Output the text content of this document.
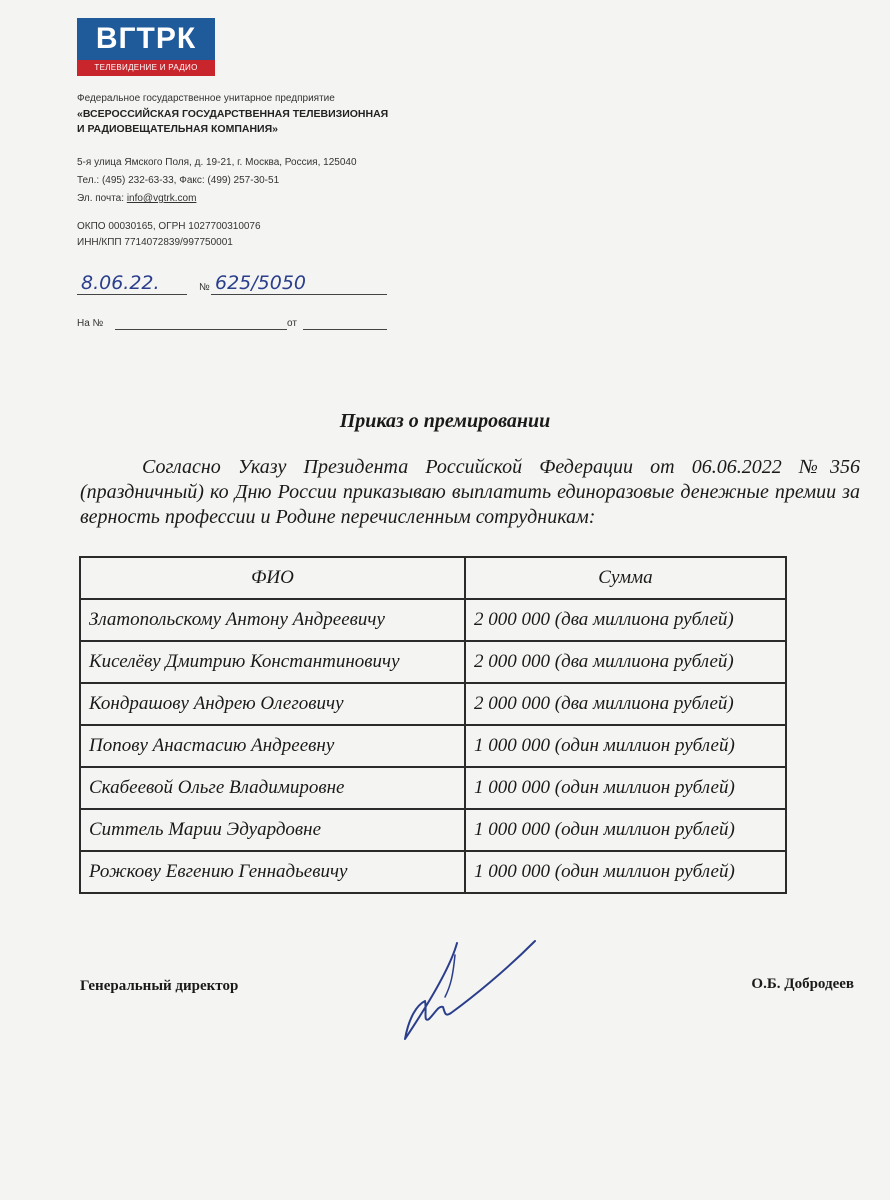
ВГТРК
ТЕЛЕВИДЕНИЕ И РАДИО
Федеральное государственное унитарное предприятие
«ВСЕРОССИЙСКАЯ ГОСУДАРСТВЕННАЯ ТЕЛЕВИЗИОННАЯ
И РАДИОВЕЩАТЕЛЬНАЯ КОМПАНИЯ»
5-я улица Ямского Поля, д. 19-21, г. Москва, Россия, 125040
Тел.: (495) 232-63-33, Факс: (499) 257-30-51
Эл. почта: info@vgtrk.com
ОКПО 00030165, ОГРН 1027700310076
ИНН/КПП 7714072839/997750001
8.06.22.	№ 625/5050
На №	от
Приказ о премировании
Согласно Указу Президента Российской Федерации от 06.06.2022 №356 (праздничный) ко Дню России приказываю выплатить единоразовые денежные премии за верность профессии и Родине перечисленным сотрудникам:
ФИО	Сумма
Златопольскому Антону Андреевичу	2 000 000 (два миллиона рублей)
Киселёву Дмитрию Константиновичу	2 000 000 (два миллиона рублей)
Кондрашову Андрею Олеговичу	2 000 000 (два миллиона рублей)
Попову Анастасию Андреевну	1 000 000 (один миллион рублей)
Скабеевой Ольге Владимировне	1 000 000 (один миллион рублей)
Ситтель Марии Эдуардовне	1 000 000 (один миллион рублей)
Рожкову Евгению Геннадьевичу	1 000 000 (один миллион рублей)
Генеральный директор	О.Б. Добродеев
